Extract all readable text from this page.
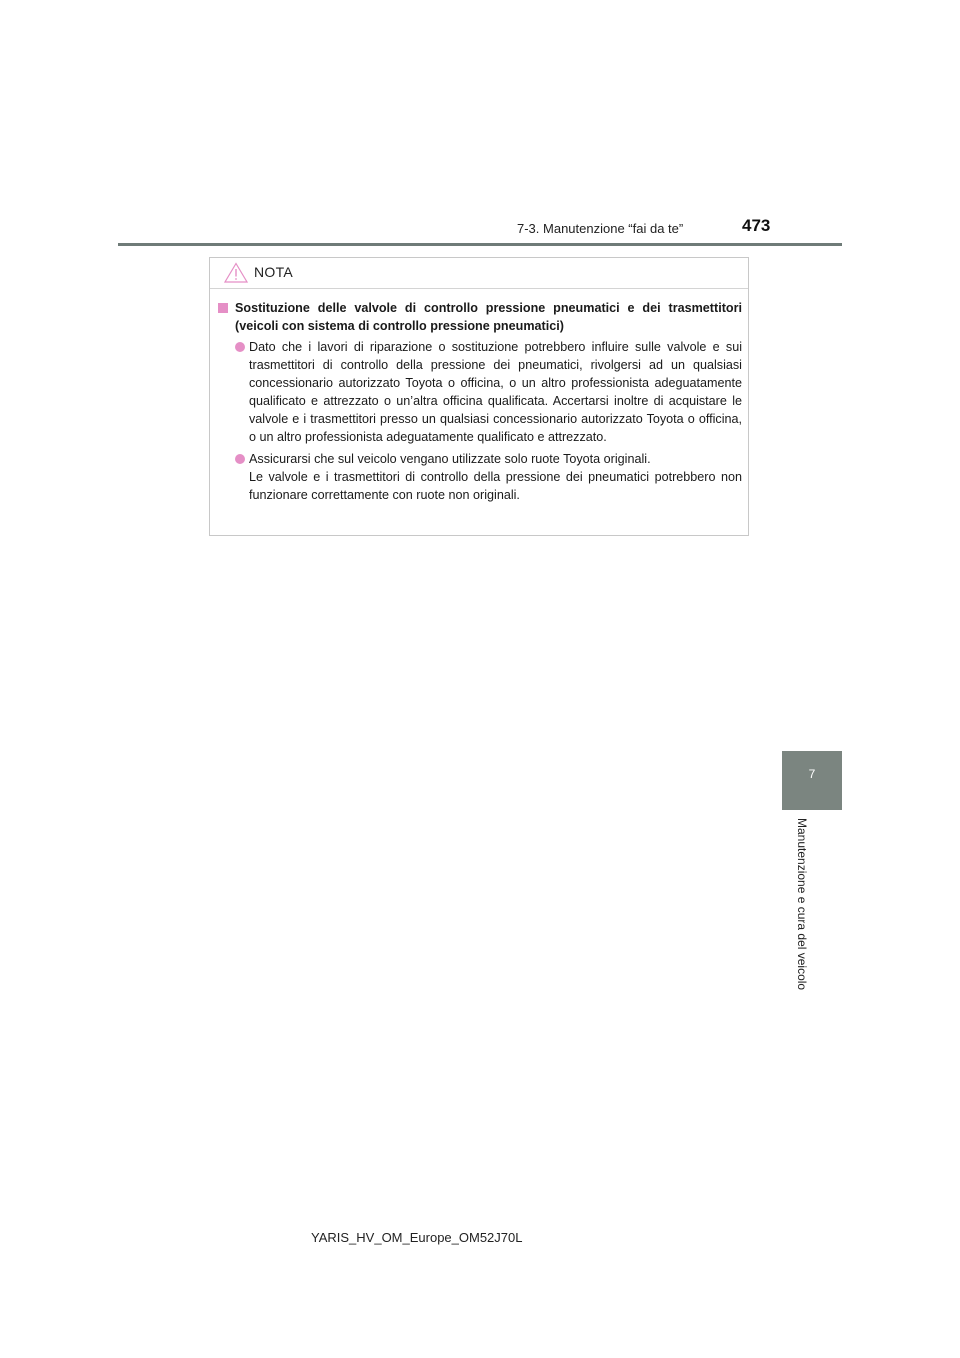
7-3. Manutenzione “fai da te”	473
NOTA
Sostituzione delle valvole di controllo pressione pneumatici e dei trasmettitori (veicoli con sistema di controllo pressione pneumatici)
Dato che i lavori di riparazione o sostituzione potrebbero influire sulle valvole e sui trasmettitori di controllo della pressione dei pneumatici, rivolgersi ad un qualsiasi concessionario autorizzato Toyota o officina, o un altro professionista adeguatamente qualificato e attrezzato o un’altra officina qualificata. Accertarsi inoltre di acquistare le valvole e i trasmettitori presso un qualsiasi concessionario autorizzato Toyota o officina, o un altro professionista adeguatamente qualificato e attrezzato.
Assicurarsi che sul veicolo vengano utilizzate solo ruote Toyota originali.
Le valvole e i trasmettitori di controllo della pressione dei pneumatici potrebbero non funzionare correttamente con ruote non originali.
7
Manutenzione e cura del veicolo
YARIS_HV_OM_Europe_OM52J70L
